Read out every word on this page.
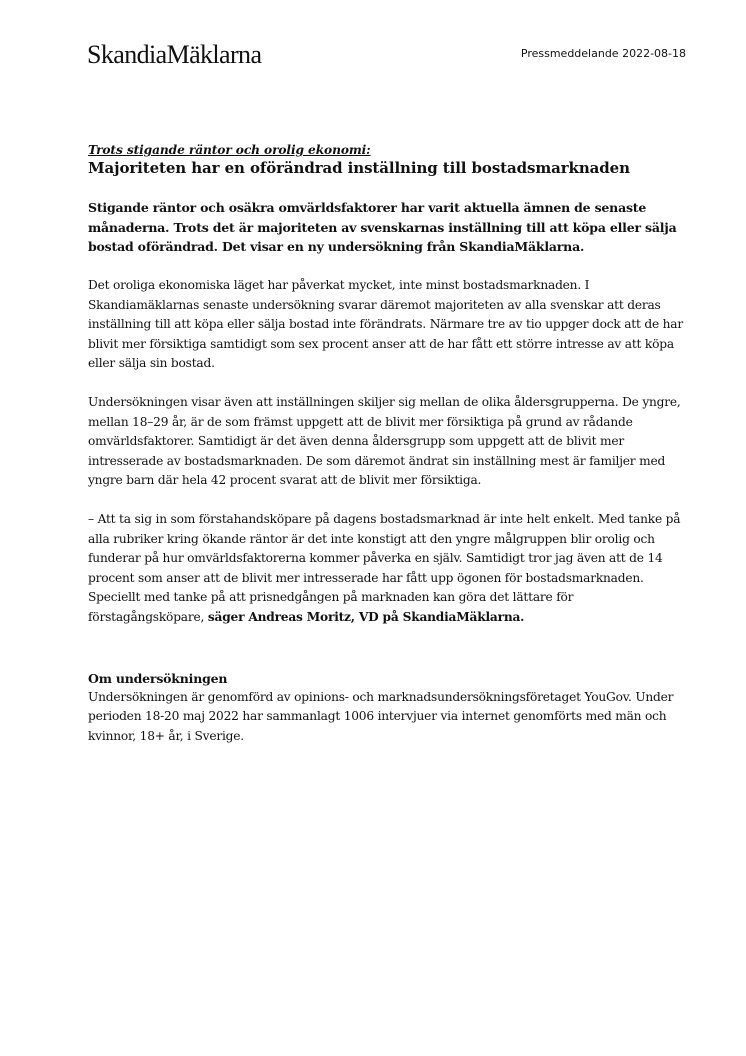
SkandiaMäklarna	Pressmeddelande 2022-08-18
Trots stigande räntor och orolig ekonomi:
Majoriteten har en oförändrad inställning till bostadsmarknaden
Stigande räntor och osäkra omvärldsfaktorer har varit aktuella ämnen de senaste månaderna. Trots det är majoriteten av svenskarnas inställning till att köpa eller sälja bostad oförändrad. Det visar en ny undersökning från SkandiaMäklarna.
Det oroliga ekonomiska läget har påverkat mycket, inte minst bostadsmarknaden. I Skandiamäklarnas senaste undersökning svarar däremot majoriteten av alla svenskar att deras inställning till att köpa eller sälja bostad inte förändrats. Närmare tre av tio uppger dock att de har blivit mer försiktiga samtidigt som sex procent anser att de har fått ett större intresse av att köpa eller sälja sin bostad.
Undersökningen visar även att inställningen skiljer sig mellan de olika åldersgrupperna. De yngre, mellan 18–29 år, är de som främst uppgett att de blivit mer försiktiga på grund av rådande omvärldsfaktorer. Samtidigt är det även denna åldersgrupp som uppgett att de blivit mer intresserade av bostadsmarknaden. De som däremot ändrat sin inställning mest är familjer med yngre barn där hela 42 procent svarat att de blivit mer försiktiga.
– Att ta sig in som förstahandsköpare på dagens bostadsmarknad är inte helt enkelt. Med tanke på alla rubriker kring ökande räntor är det inte konstigt att den yngre målgruppen blir orolig och funderar på hur omvärldsfaktorerna kommer påverka en själv. Samtidigt tror jag även att de 14 procent som anser att de blivit mer intresserade har fått upp ögonen för bostadsmarknaden. Speciellt med tanke på att prisnedgången på marknaden kan göra det lättare för förstagångsköpare, säger Andreas Moritz, VD på SkandiaMäklarna.
Om undersökningen
Undersökningen är genomförd av opinions- och marknadsundersökningsföretaget YouGov. Under perioden 18-20 maj 2022 har sammanlagt 1006 intervjuer via internet genomförts med män och kvinnor, 18+ år, i Sverige.
